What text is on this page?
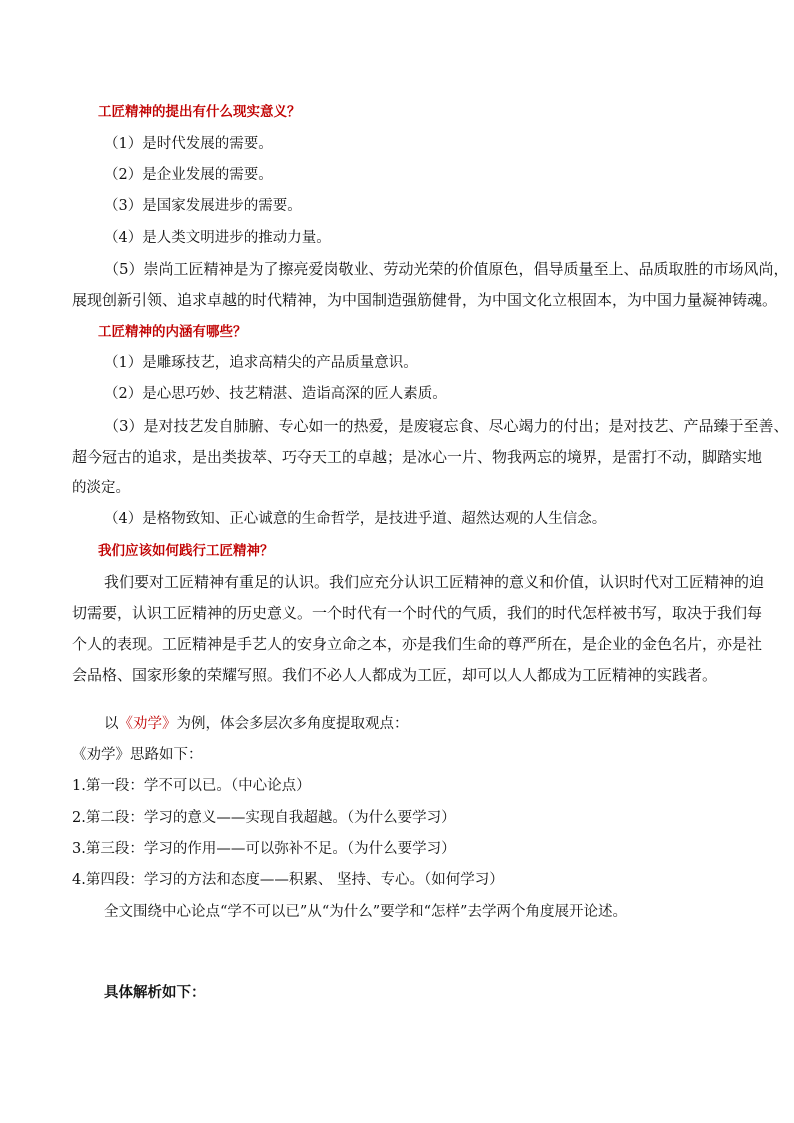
工匠精神的提出有什么现实意义？
（1）是时代发展的需要。
（2）是企业发展的需要。
（3）是国家发展进步的需要。
（4）是人类文明进步的推动力量。
（5）崇尚工匠精神是为了擦亮爱岗敬业、劳动光荣的价值原色，倡导质量至上、品质取胜的市场风尚，
展现创新引领、追求卓越的时代精神，为中国制造强筋健骨，为中国文化立根固本，为中国力量凝神铸魂。
工匠精神的内涵有哪些？
（1）是雕琢技艺，追求高精尖的产品质量意识。
（2）是心思巧妙、技艺精湛、造诣高深的匠人素质。
（3）是对技艺发自肺腑、专心如一的热爱，是废寝忘食、尽心竭力的付出；是对技艺、产品臻于至善、
超今冠古的追求，是出类拔萃、巧夺天工的卓越；是冰心一片、物我两忘的境界，是雷打不动，脚踏实地
的淡定。
（4）是格物致知、正心诚意的生命哲学，是技进乎道、超然达观的人生信念。
我们应该如何践行工匠精神？
我们要对工匠精神有重足的认识。我们应充分认识工匠精神的意义和价值，认识时代对工匠精神的迫
切需要，认识工匠精神的历史意义。一个时代有一个时代的气质，我们的时代怎样被书写，取决于我们每
个人的表现。工匠精神是手艺人的安身立命之本，亦是我们生命的尊严所在，是企业的金色名片，亦是社
会品格、国家形象的荣耀写照。我们不必人人都成为工匠，却可以人人都成为工匠精神的实践者。
以《劝学》为例，体会多层次多角度提取观点：
《劝学》思路如下：
1.第一段：学不可以已。（中心论点）
2.第二段：学习的意义——实现自我超越。（为什么要学习）
3.第三段：学习的作用——可以弥补不足。（为什么要学习）
4.第四段：学习的方法和态度——积累、 坚持、专心。（如何学习）
全文围绕中心论点“学不可以已”从“为什么”要学和“怎样”去学两个角度展开论述。
具体解析如下：
